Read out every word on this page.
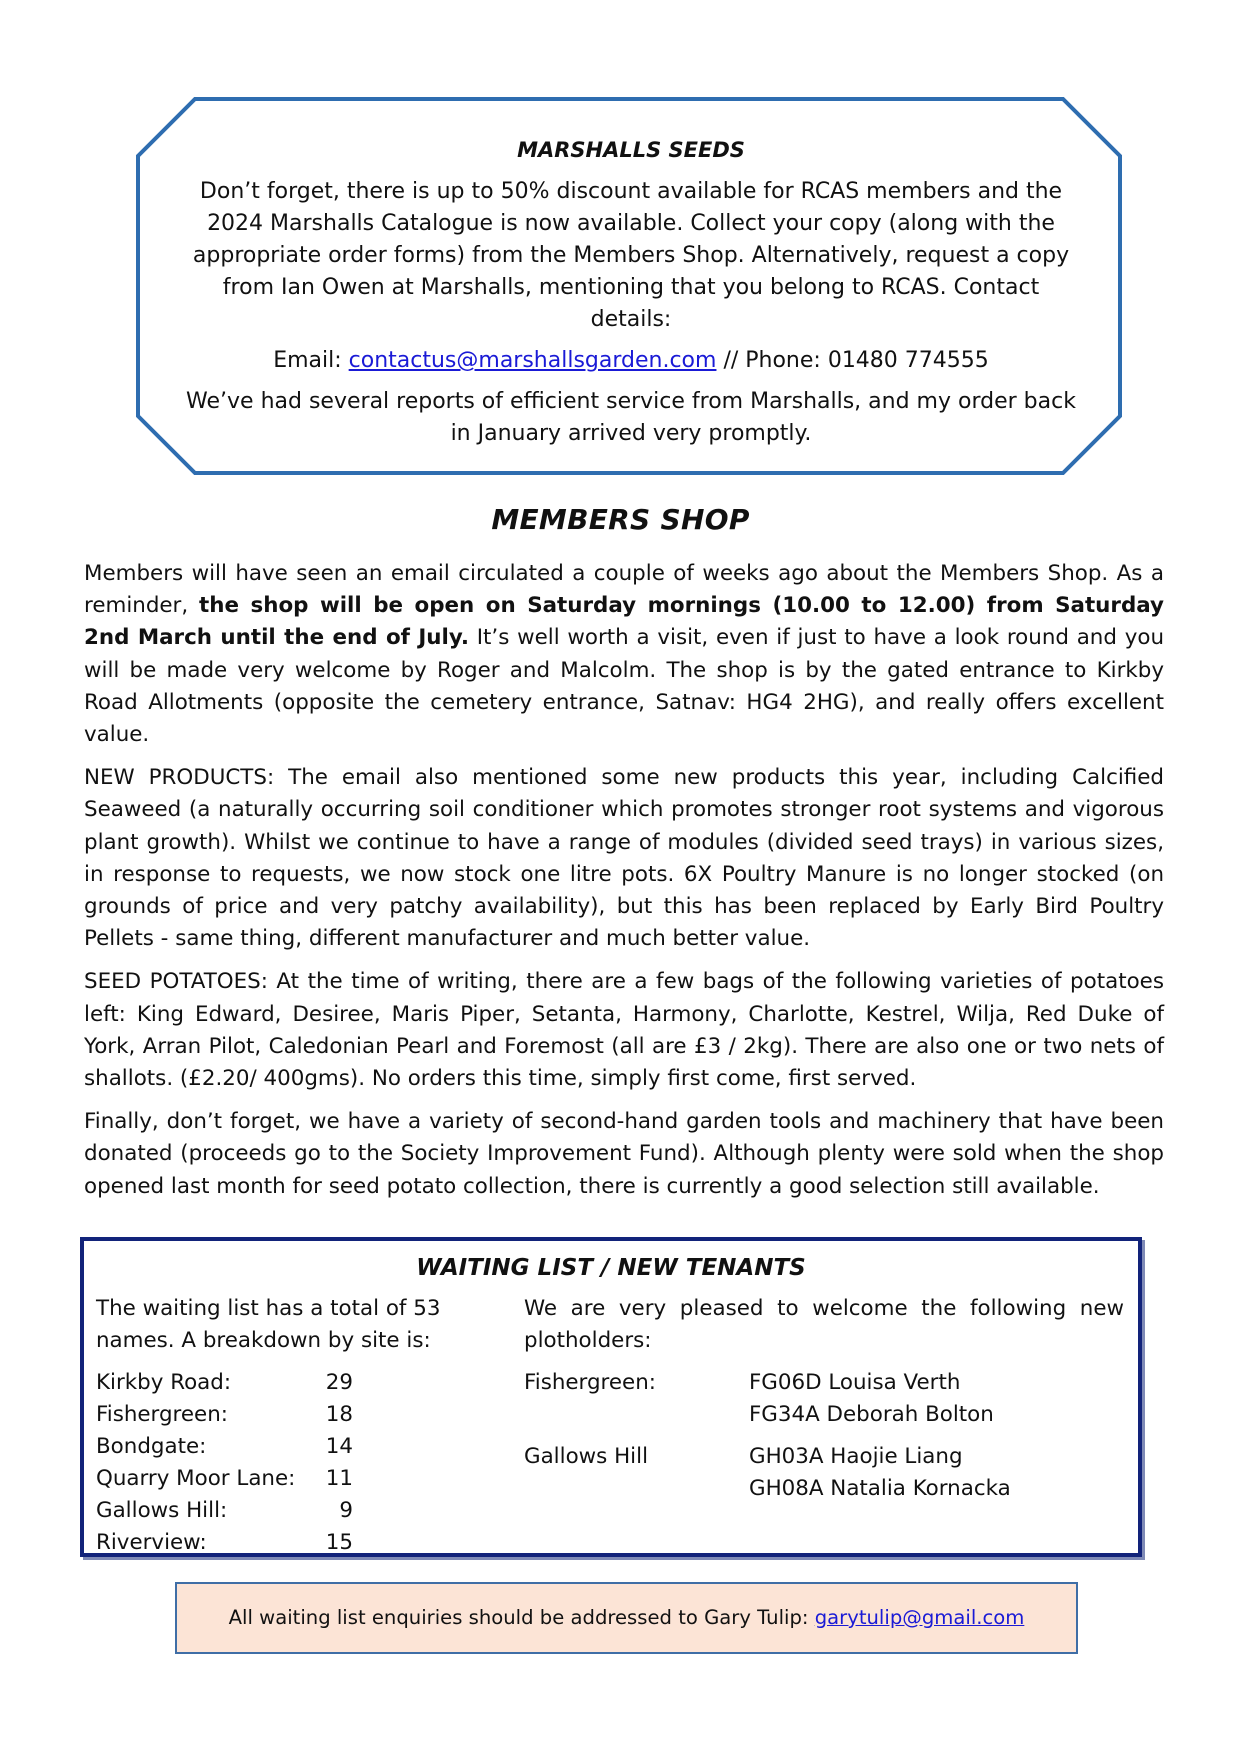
MARSHALLS SEEDS

Don’t forget, there is up to 50% discount available for RCAS members and the 2024 Marshalls Catalogue is now available. Collect your copy (along with the appropriate order forms) from the Members Shop. Alternatively, request a copy from Ian Owen at Marshalls, mentioning that you belong to RCAS. Contact details:

Email: contactus@marshallsgarden.com // Phone: 01480 774555

We’ve had several reports of efficient service from Marshalls, and my order back in January arrived very promptly.

MEMBERS SHOP

Members will have seen an email circulated a couple of weeks ago about the Members Shop. As a reminder, the shop will be open on Saturday mornings (10.00 to 12.00) from Saturday 2nd March until the end of July. It’s well worth a visit, even if just to have a look round and you will be made very welcome by Roger and Malcolm. The shop is by the gated entrance to Kirkby Road Allotments (opposite the cemetery entrance, Satnav: HG4 2HG), and really offers excellent value.

NEW PRODUCTS: The email also mentioned some new products this year, including Calcified Seaweed (a naturally occurring soil conditioner which promotes stronger root systems and vigorous plant growth). Whilst we continue to have a range of modules (divided seed trays) in various sizes, in response to requests, we now stock one litre pots. 6X Poultry Manure is no longer stocked (on grounds of price and very patchy availability), but this has been replaced by Early Bird Poultry Pellets - same thing, different manufacturer and much better value.

SEED POTATOES: At the time of writing, there are a few bags of the following varieties of potatoes left: King Edward, Desiree, Maris Piper, Setanta, Harmony, Charlotte, Kestrel, Wilja, Red Duke of York, Arran Pilot, Caledonian Pearl and Foremost (all are £3 / 2kg). There are also one or two nets of shallots. (£2.20/ 400gms). No orders this time, simply first come, first served.

Finally, don’t forget, we have a variety of second-hand garden tools and machinery that have been donated (proceeds go to the Society Improvement Fund). Although plenty were sold when the shop opened last month for seed potato collection, there is currently a good selection still available.

WAITING LIST / NEW TENANTS
The waiting list has a total of 53 names. A breakdown by site is:
Kirkby Road:	29
Fishergreen:	18
Bondgate:	14
Quarry Moor Lane:	11
Gallows Hill:	9
Riverview:	15
We are very pleased to welcome the following new plotholders:
Fishergreen:	FG06D Louisa Verth
FG34A Deborah Bolton
Gallows Hill	GH03A Haojie Liang
GH08A Natalia Kornacka
All waiting list enquiries should be addressed to Gary Tulip: garytulip@gmail.com
